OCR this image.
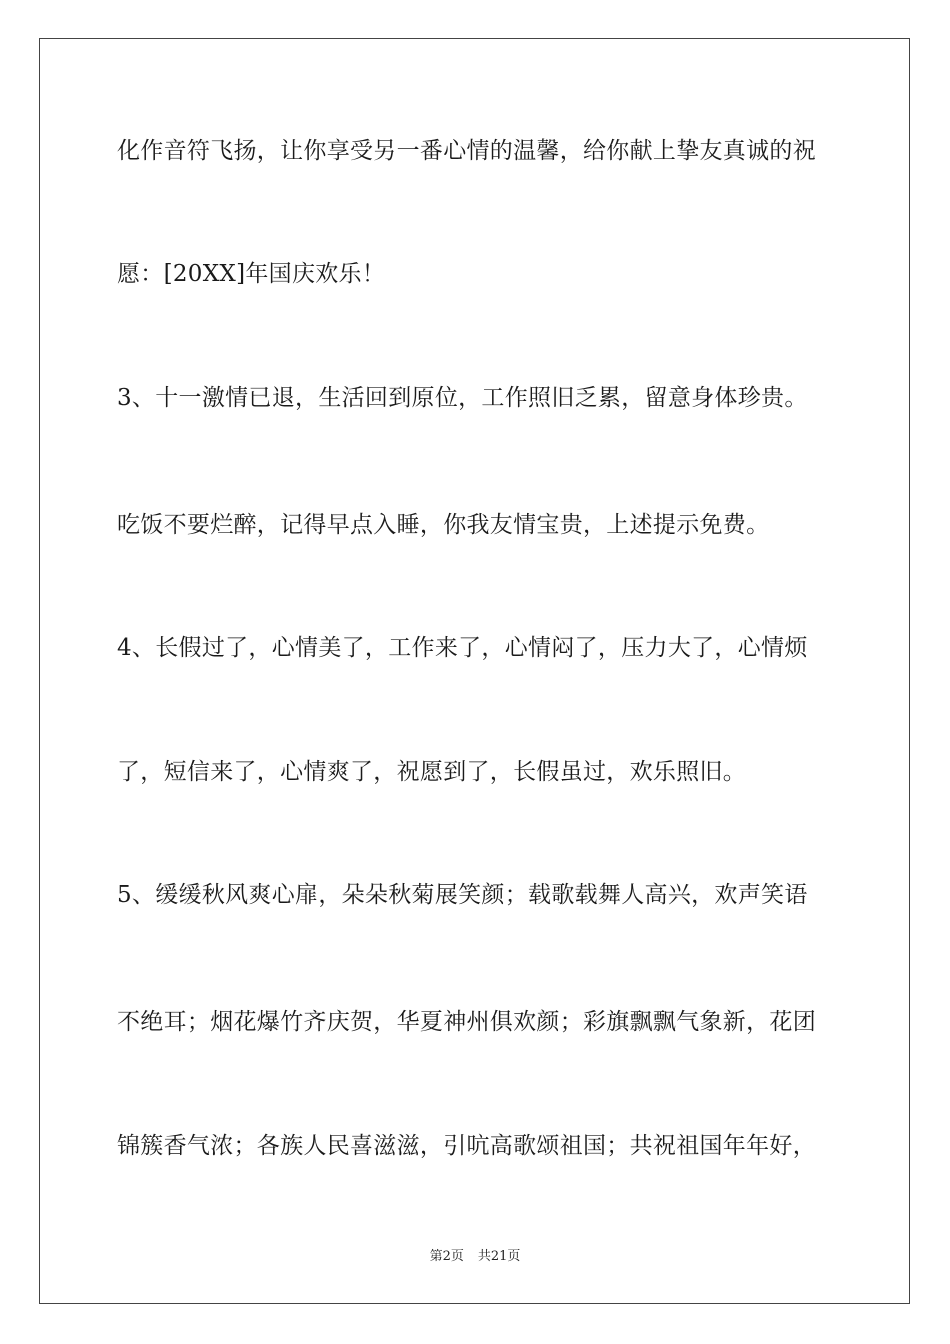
化作音符飞扬，让你享受另一番心情的温馨，给你献上挚友真诚的祝
愿：[20XX]年国庆欢乐！
3、十一激情已退，生活回到原位，工作照旧乏累，留意身体珍贵。
吃饭不要烂醉，记得早点入睡，你我友情宝贵，上述提示免费。
4、长假过了，心情美了，工作来了，心情闷了，压力大了，心情烦
了，短信来了，心情爽了，祝愿到了，长假虽过，欢乐照旧。
5、缓缓秋风爽心扉，朵朵秋菊展笑颜；载歌载舞人高兴，欢声笑语
不绝耳；烟花爆竹齐庆贺，华夏神州俱欢颜；彩旗飘飘气象新，花团
锦簇香气浓；各族人民喜滋滋，引吭高歌颂祖国；共祝祖国年年好，
第2页 共21页
